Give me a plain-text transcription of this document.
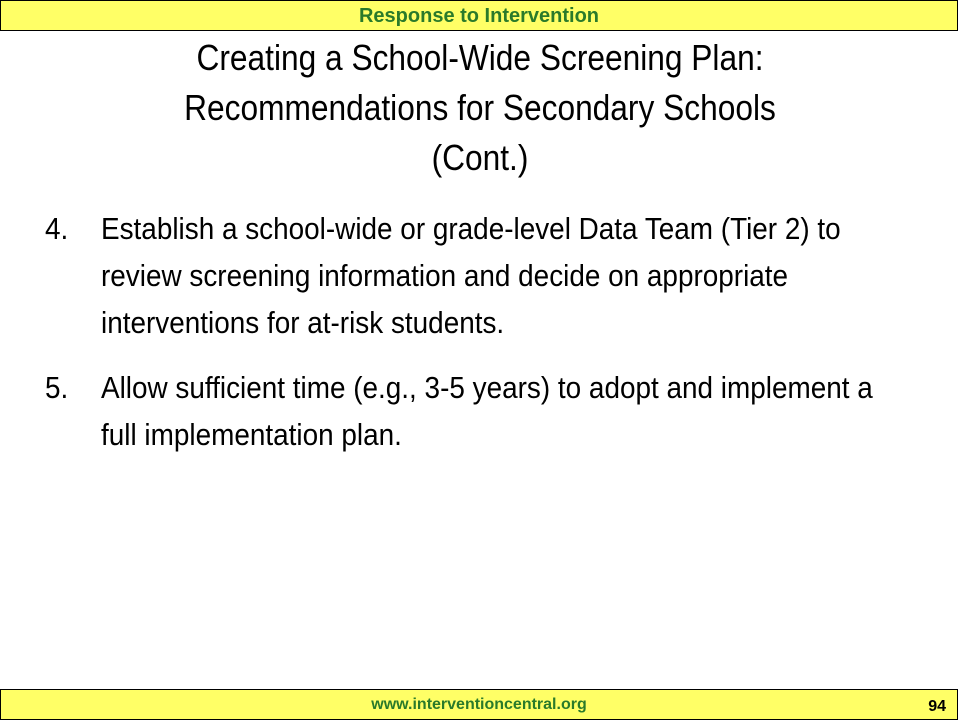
Response to Intervention
Creating a School-Wide Screening Plan:
Recommendations for Secondary Schools
(Cont.)
4. Establish a school-wide or grade-level Data Team (Tier 2) to review screening information and decide on appropriate interventions for at-risk students.
5. Allow sufficient time (e.g., 3-5 years) to adopt and implement a full implementation plan.
www.interventioncentral.org	94
